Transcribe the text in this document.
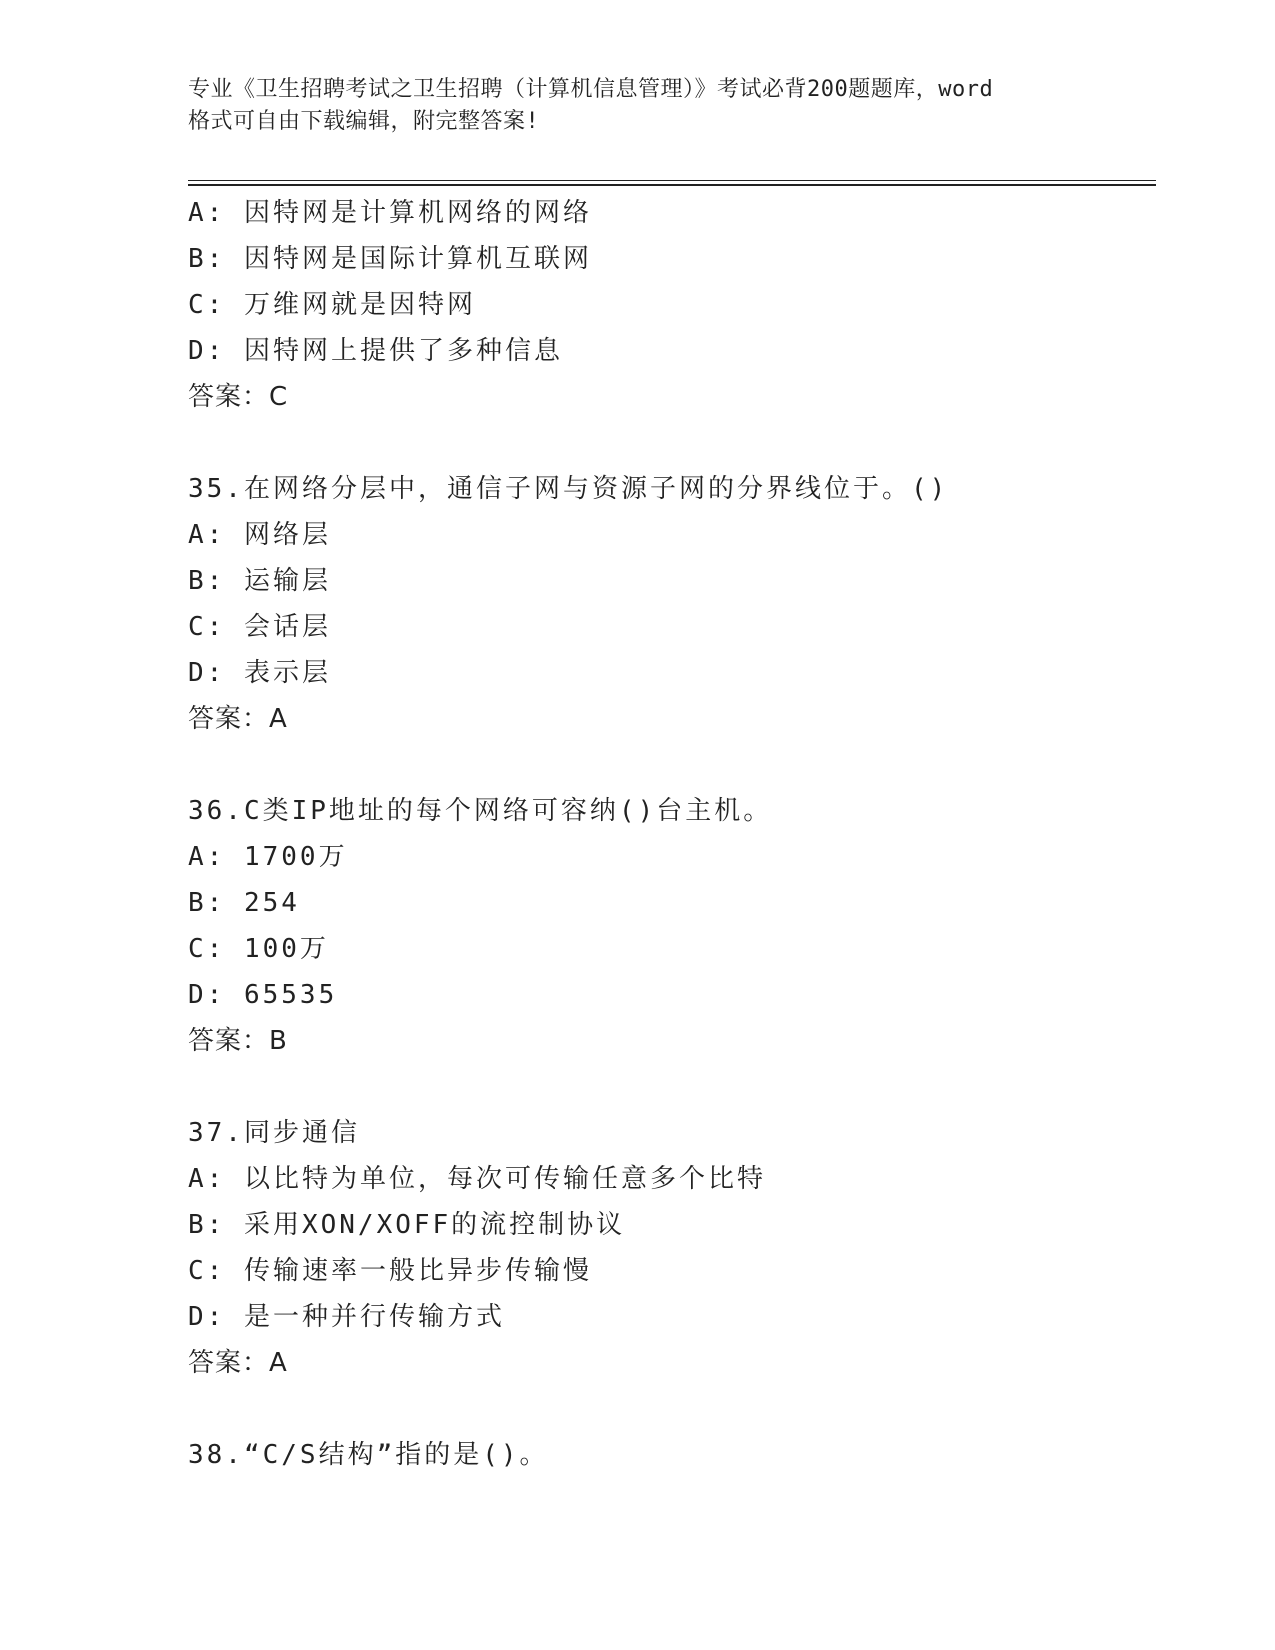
专业《卫生招聘考试之卫生招聘（计算机信息管理）》考试必背200题题库，word
格式可自由下载编辑，附完整答案!
A: 因特网是计算机网络的网络
B: 因特网是国际计算机互联网
C: 万维网就是因特网
D: 因特网上提供了多种信息
答案：C
35.在网络分层中，通信子网与资源子网的分界线位于。()
A: 网络层
B: 运输层
C: 会话层
D: 表示层
答案：A
36.C类IP地址的每个网络可容纳()台主机。
A: 1700万
B: 254
C: 100万
D: 65535
答案：B
37.同步通信
A: 以比特为单位，每次可传输任意多个比特
B: 采用XON/XOFF的流控制协议
C: 传输速率一般比异步传输慢
D: 是一种并行传输方式
答案：A
38.“C/S结构”指的是()。
